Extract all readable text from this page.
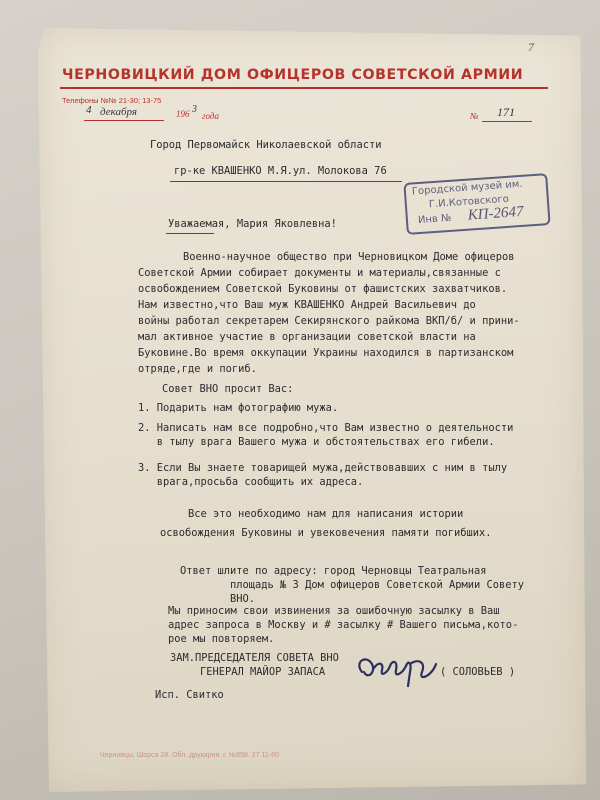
ЧЕРНОВИЦКИЙ ДОМ ОФИЦЕРОВ СОВЕТСКОЙ АРМИИ
7
Телефоны №№ 21-30; 13-75
4 декабря	196 3
года	№ 171
Город Первомайск Николаевской области
гр-ке КВАШЕНКО М.Я.ул. Молокова 76
Городской музей им.
Г.И.Котовского
Инв № КП-2647
Уважаемая, Мария Яковлевна!
Военно-научное общество при Черновицком Доме офицеров
Советской Армии собирает документы и материалы,связанные с
освобождением Советской Буковины от фашистских захватчиков.
Нам известно,что Ваш муж КВАШЕНКО Андрей Васильевич до
войны работал секретарем Секирянского райкома ВКП/б/ и прини-
мал активное участие в организации советской власти на
Буковине.Во время оккупации Украины находился в партизанском
отряде,где и погиб.
Совет ВНО просит Вас:
1. Подарить нам фотографию мужа.
2. Написать нам все подробно,что Вам известно о деятельности
в тылу врага Вашего мужа и обстоятельствах его гибели.
3. Если Вы знаете товарищей мужа,действовавших с ним в тылу
врага,просьба сообщить их адреса.
Все это необходимо нам для написания истории
освобождения Буковины и увековечения памяти погибших.
Ответ шлите по адресу: город Черновцы Театральная
площадь № 3 Дом офицеров Советской Армии Совету
ВНО.
Мы приносим свои извинения за ошибочную засылку в Ваш
адрес запроса в Москву и # засылку # Вашего письма,кото-
рое мы повторяем.
ЗАМ.ПРЕДСЕДАТЕЛЯ СОВЕТА ВНО
ГЕНЕРАЛ МАЙОР ЗАПАСА	( СОЛОВЬЕВ )
Исп. Свитко
Черновцы, Шорса 28. Обл. друкарня. г. №658. 27.11-60
